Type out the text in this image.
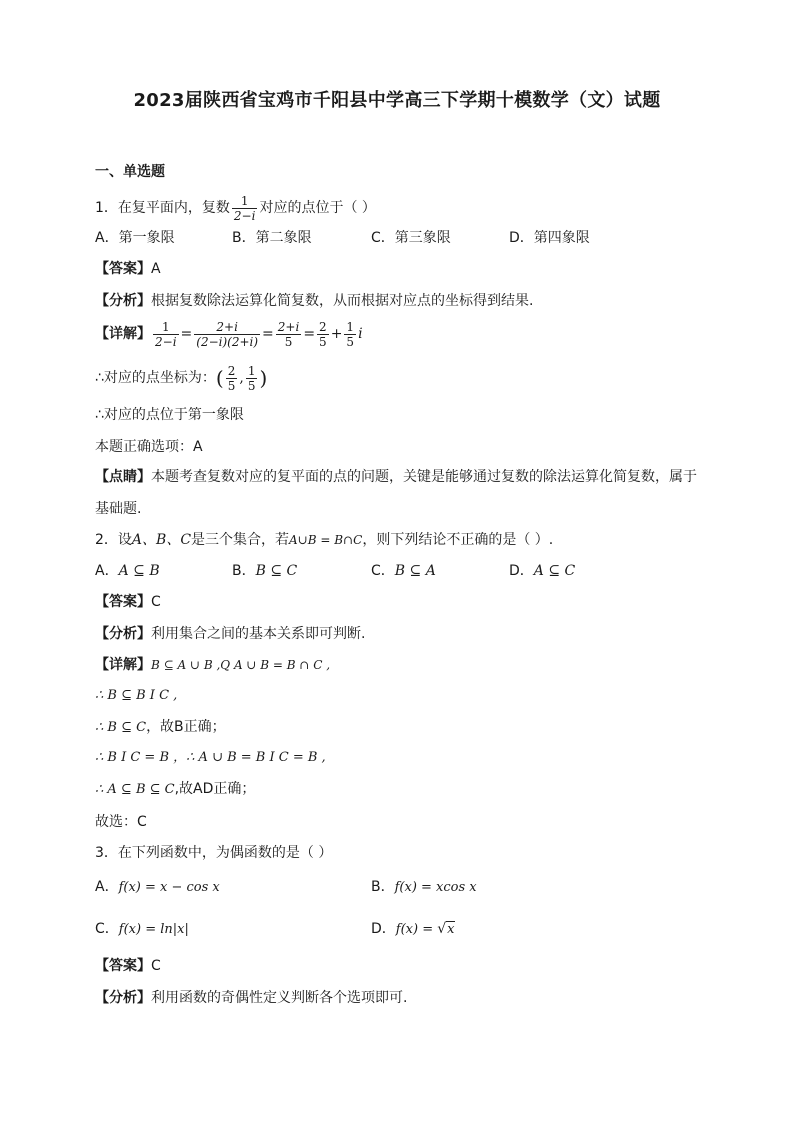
2023届陕西省宝鸡市千阳县中学高三下学期十模数学（文）试题
一、单选题
1．在复平面内，复数 $\frac{1}{2-i}$ 对应的点位于（ ）
A．第一象限	B．第二象限	C．第三象限	D．第四象限
【答案】A
【分析】根据复数除法运算化简复数，从而根据对应点的坐标得到结果.
【详解】 $\frac{1}{2-i} = \frac{2+i}{(2-i)(2+i)} = \frac{2+i}{5} = \frac{2}{5} + \frac{1}{5}$ i
∴对应的点坐标为：( $\frac{2}{5}$ , $\frac{1}{5}$ )
∴对应的点位于第一象限
本题正确选项：A
【点睛】本题考查复数对应的复平面的点的问题，关键是能够通过复数的除法运算化简复数，属于
基础题.
2．设A、B、C是三个集合，若A∪B = B∩C，则下列结论不正确的是（ ）.
A．A ⊆ B	B．B ⊆ C	C．B ⊆ A	D．A ⊆ C
【答案】C
【分析】利用集合之间的基本关系即可判断.
【详解】B ⊆ A ∪ B ,Q A ∪ B = B ∩ C ,
∴ B ⊆ B I C ,
∴ B ⊆ C，故B正确；
∴ B I C = B ，∴ A ∪ B = B I C = B ,
∴ A ⊆ B ⊆ C,故AD正确；
故选：C
3．在下列函数中，为偶函数的是（ ）
A．f(x) = x − cos x	B．f(x) = xcos x
C．f(x) = ln|x|	D．f(x) = √x
【答案】C
【分析】利用函数的奇偶性定义判断各个选项即可.
